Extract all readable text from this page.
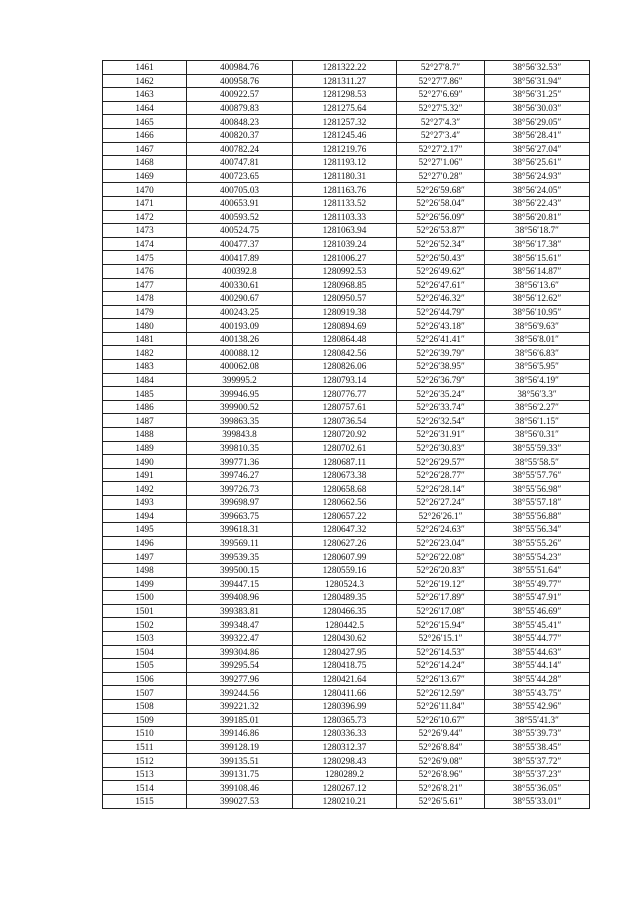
1461	400984.76	1281322.22	52°27′8.7″	38°56′32.53″
1462	400958.76	1281311.27	52°27′7.86″	38°56′31.94″
1463	400922.57	1281298.53	52°27′6.69″	38°56′31.25″
1464	400879.83	1281275.64	52°27′5.32″	38°56′30.03″
1465	400848.23	1281257.32	52°27′4.3″	38°56′29.05″
1466	400820.37	1281245.46	52°27′3.4″	38°56′28.41″
1467	400782.24	1281219.76	52°27′2.17″	38°56′27.04″
1468	400747.81	1281193.12	52°27′1.06″	38°56′25.61″
1469	400723.65	1281180.31	52°27′0.28″	38°56′24.93″
1470	400705.03	1281163.76	52°26′59.68″	38°56′24.05″
1471	400653.91	1281133.52	52°26′58.04″	38°56′22.43″
1472	400593.52	1281103.33	52°26′56.09″	38°56′20.81″
1473	400524.75	1281063.94	52°26′53.87″	38°56′18.7″
1474	400477.37	1281039.24	52°26′52.34″	38°56′17.38″
1475	400417.89	1281006.27	52°26′50.43″	38°56′15.61″
1476	400392.8	1280992.53	52°26′49.62″	38°56′14.87″
1477	400330.61	1280968.85	52°26′47.61″	38°56′13.6″
1478	400290.67	1280950.57	52°26′46.32″	38°56′12.62″
1479	400243.25	1280919.38	52°26′44.79″	38°56′10.95″
1480	400193.09	1280894.69	52°26′43.18″	38°56′9.63″
1481	400138.26	1280864.48	52°26′41.41″	38°56′8.01″
1482	400088.12	1280842.56	52°26′39.79″	38°56′6.83″
1483	400062.08	1280826.06	52°26′38.95″	38°56′5.95″
1484	399995.2	1280793.14	52°26′36.79″	38°56′4.19″
1485	399946.95	1280776.77	52°26′35.24″	38°56′3.3″
1486	399900.52	1280757.61	52°26′33.74″	38°56′2.27″
1487	399863.35	1280736.54	52°26′32.54″	38°56′1.15″
1488	399843.8	1280720.92	52°26′31.91″	38°56′0.31″
1489	399810.35	1280702.61	52°26′30.83″	38°55′59.33″
1490	399771.36	1280687.11	52°26′29.57″	38°55′58.5″
1491	399746.27	1280673.38	52°26′28.77″	38°55′57.76″
1492	399726.73	1280658.68	52°26′28.14″	38°55′56.98″
1493	399698.97	1280662.56	52°26′27.24″	38°55′57.18″
1494	399663.75	1280657.22	52°26′26.1″	38°55′56.88″
1495	399618.31	1280647.32	52°26′24.63″	38°55′56.34″
1496	399569.11	1280627.26	52°26′23.04″	38°55′55.26″
1497	399539.35	1280607.99	52°26′22.08″	38°55′54.23″
1498	399500.15	1280559.16	52°26′20.83″	38°55′51.64″
1499	399447.15	1280524.3	52°26′19.12″	38°55′49.77″
1500	399408.96	1280489.35	52°26′17.89″	38°55′47.91″
1501	399383.81	1280466.35	52°26′17.08″	38°55′46.69″
1502	399348.47	1280442.5	52°26′15.94″	38°55′45.41″
1503	399322.47	1280430.62	52°26′15.1″	38°55′44.77″
1504	399304.86	1280427.95	52°26′14.53″	38°55′44.63″
1505	399295.54	1280418.75	52°26′14.24″	38°55′44.14″
1506	399277.96	1280421.64	52°26′13.67″	38°55′44.28″
1507	399244.56	1280411.66	52°26′12.59″	38°55′43.75″
1508	399221.32	1280396.99	52°26′11.84″	38°55′42.96″
1509	399185.01	1280365.73	52°26′10.67″	38°55′41.3″
1510	399146.86	1280336.33	52°26′9.44″	38°55′39.73″
1511	399128.19	1280312.37	52°26′8.84″	38°55′38.45″
1512	399135.51	1280298.43	52°26′9.08″	38°55′37.72″
1513	399131.75	1280289.2	52°26′8.96″	38°55′37.23″
1514	399108.46	1280267.12	52°26′8.21″	38°55′36.05″
1515	399027.53	1280210.21	52°26′5.61″	38°55′33.01″
